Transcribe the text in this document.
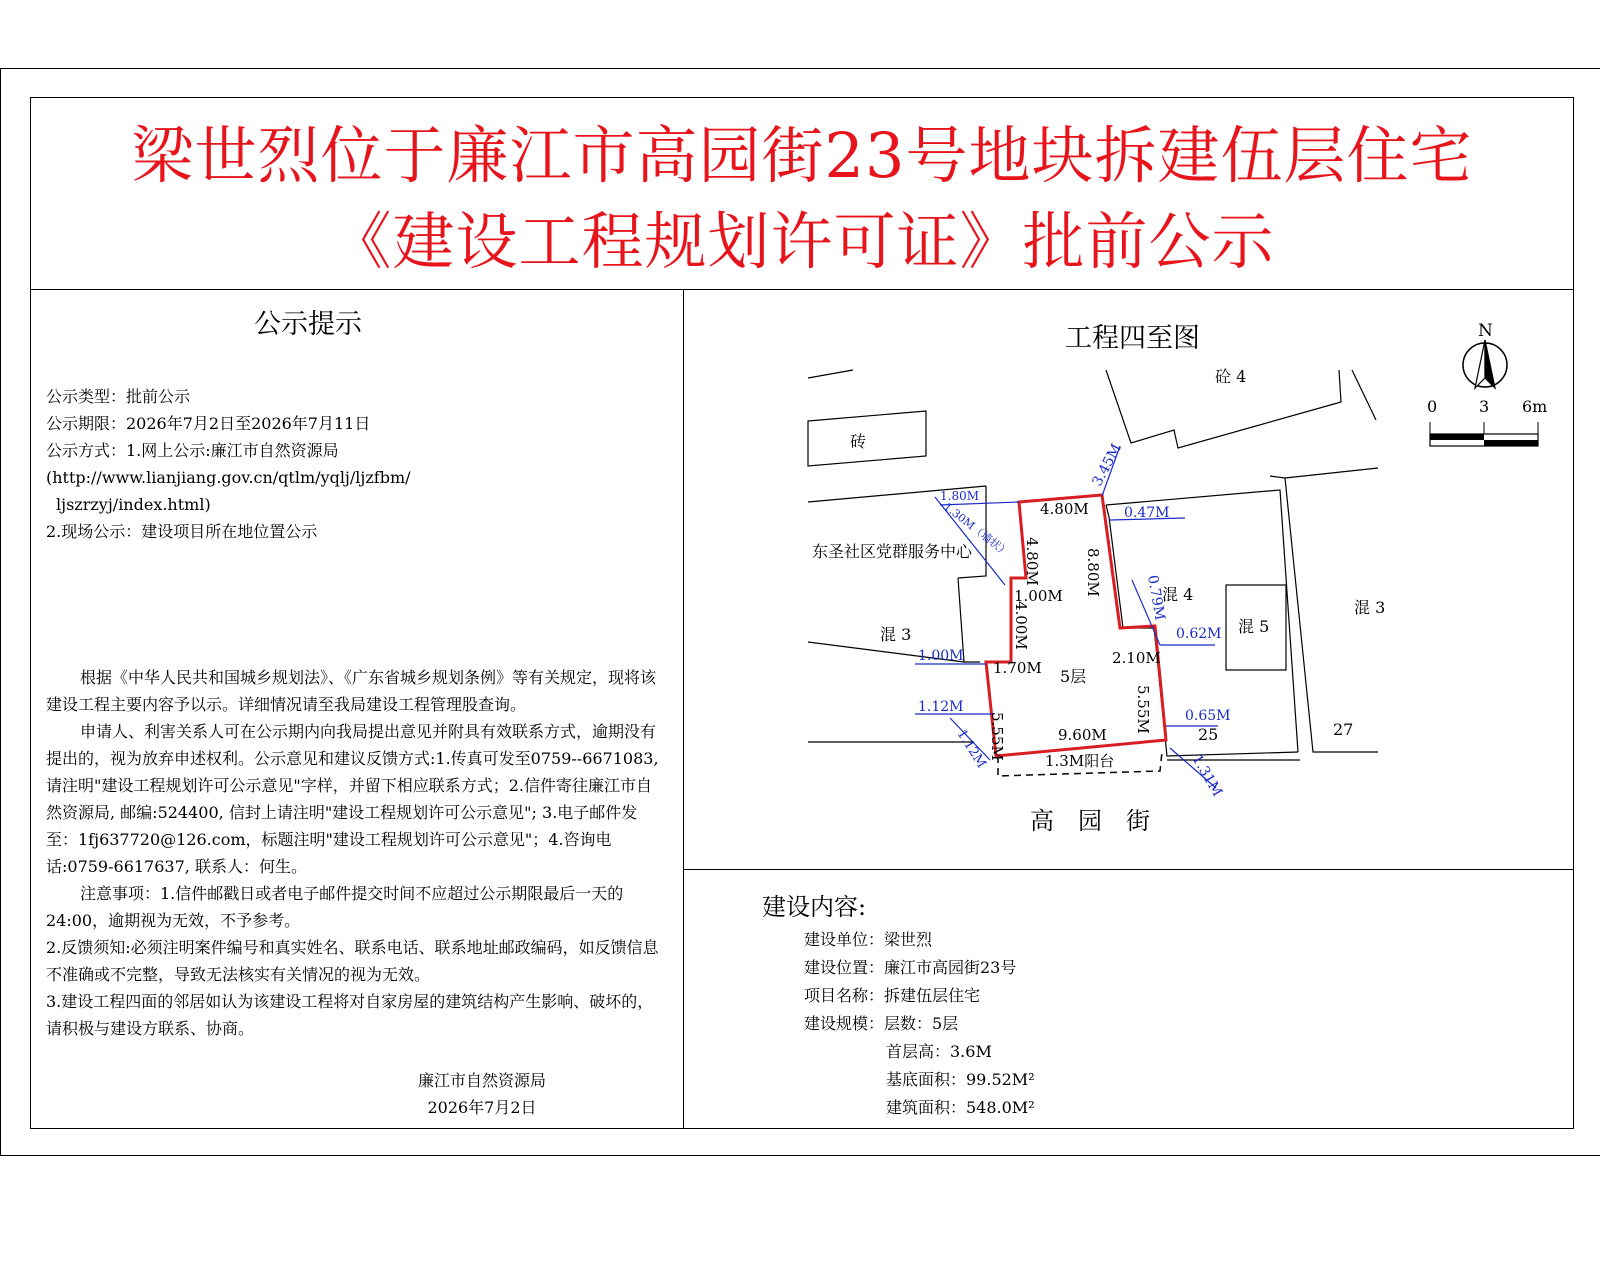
梁世烈位于廉江市高园街23号地块拆建伍层住宅
《建设工程规划许可证》批前公示
公示提示
公示类型：批前公示
公示期限：2026年7月2日至2026年7月11日
公示方式：1.网上公示:廉江市自然资源局
(http://www.lianjiang.gov.cn/qtlm/yqlj/ljzfbm/
ljszrzyj/index.html)
2.现场公示：建设项目所在地位置公示
根据《中华人民共和国城乡规划法》、《广东省城乡规划条例》等有关规定，现将该建设工程主要内容予以示。详细情况请至我局建设工程管理股查询。
申请人、利害关系人可在公示期内向我局提出意见并附具有效联系方式，逾期没有提出的，视为放弃申述权利。公示意见和建议反馈方式:1.传真可发至0759--6671083, 请注明"建设工程规划许可公示意见"字样，并留下相应联系方式；2.信件寄往廉江市自然资源局, 邮编:524400, 信封上请注明"建设工程规划许可公示意见"; 3.电子邮件发至：1fj637720@126.com，标题注明"建设工程规划许可公示意见"；4.咨询电话:0759-6617637, 联系人：何生。
注意事项：1.信件邮戳日或者电子邮件提交时间不应超过公示期限最后一天的24:00，逾期视为无效，不予参考。
2.反馈须知:必须注明案件编号和真实姓名、联系电话、联系地址邮政编码，如反馈信息不准确或不完整，导致无法核实有关情况的视为无效。
3.建设工程四面的邻居如认为该建设工程将对自家房屋的建筑结构产生影响、破坏的，请积极与建设方联系、协商。
廉江市自然资源局
2026年7月2日
工程四至图	N
0	3 6m
砼 4
砖
东圣社区党群服务中心
混 3
混 4
混 5
混 3
5层
25	27
高　园　街
1.3M阳台
4.80M
4.80M	8.80M
1.00M
4.00M
1.70M
2.10M
5.55M
5.55M
9.60M
3.45M
0.47M
0.79M
0.62M
0.65M
1.31M
1.00M
1.12M
1.12M
1.80M
1.30M（墙状）
建设内容:
建设单位：梁世烈
建设位置：廉江市高园街23号
项目名称：拆建伍层住宅
建设规模：层数：5层
首层高：3.6M
基底面积：99.52M²
建筑面积：548.0M²
